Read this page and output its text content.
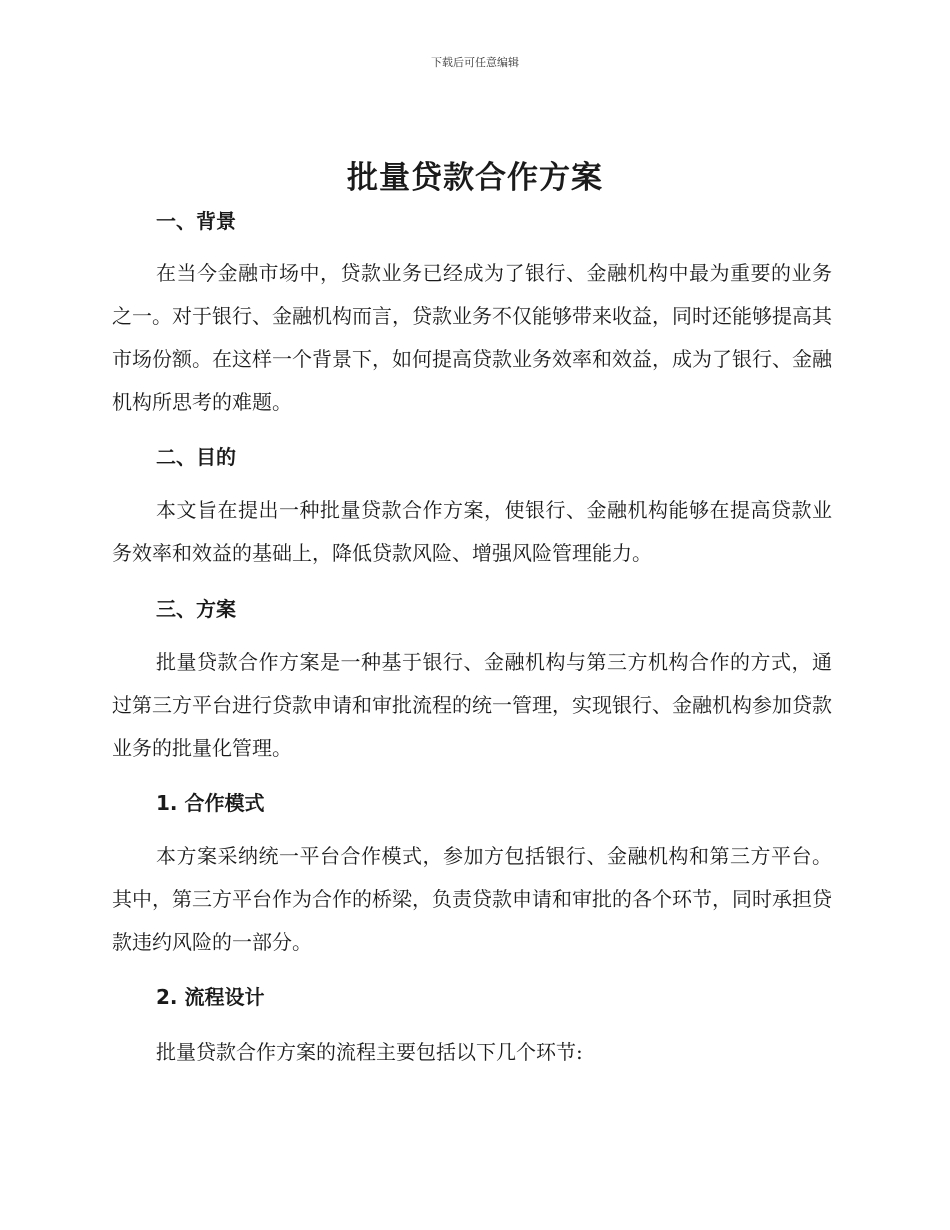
下载后可任意编辑
批量贷款合作方案
一、背景
在当今金融市场中，贷款业务已经成为了银行、金融机构中最为重要的业务之一。对于银行、金融机构而言，贷款业务不仅能够带来收益，同时还能够提高其市场份额。在这样一个背景下，如何提高贷款业务效率和效益，成为了银行、金融机构所思考的难题。
二、目的
本文旨在提出一种批量贷款合作方案，使银行、金融机构能够在提高贷款业务效率和效益的基础上，降低贷款风险、增强风险管理能力。
三、方案
批量贷款合作方案是一种基于银行、金融机构与第三方机构合作的方式，通过第三方平台进行贷款申请和审批流程的统一管理，实现银行、金融机构参加贷款业务的批量化管理。
1. 合作模式
本方案采纳统一平台合作模式，参加方包括银行、金融机构和第三方平台。其中，第三方平台作为合作的桥梁，负责贷款申请和审批的各个环节，同时承担贷款违约风险的一部分。
2. 流程设计
批量贷款合作方案的流程主要包括以下几个环节:
